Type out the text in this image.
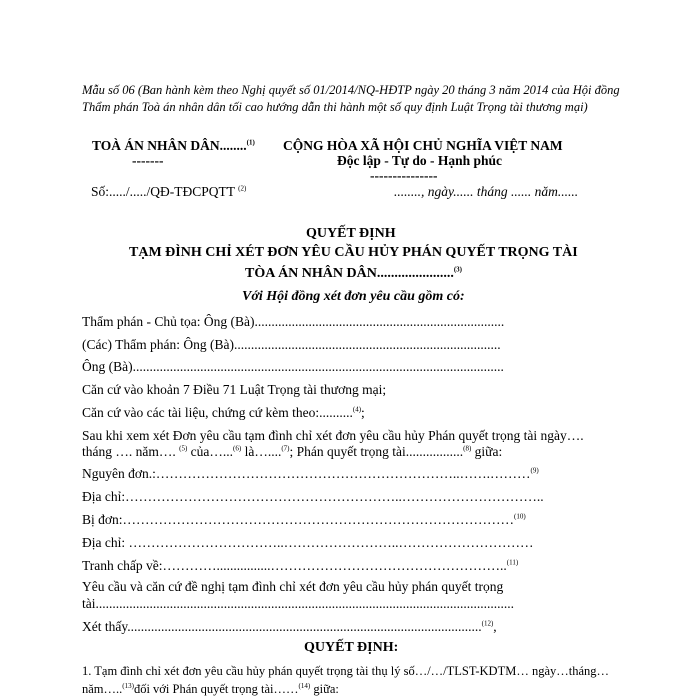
Mẫu số 06 (Ban hành kèm theo Nghị quyết số 01/2014/NQ-HĐTP ngày 20 tháng 3 năm 2014 của Hội đồng Thẩm phán Toà án nhân dân tối cao hướng dẫn thi hành một số quy định Luật Trọng tài thương mại)
TOÀ ÁN NHÂN DÂN........$^{(1)}$
-------
Số:...../...../QĐ-TĐCPQTT $^{(2)}$
CỘNG HÒA XÃ HỘI CHỦ NGHĨA VIỆT NAM
Độc lập - Tự do - Hạnh phúc
---------------
........, ngày...... tháng ...... năm......
QUYẾT ĐỊNH
TẠM ĐÌNH CHỈ XÉT ĐƠN YÊU CẦU HỦY PHÁN QUYẾT TRỌNG TÀI
TÒA ÁN NHÂN DÂN......................$^{(3)}$
Với Hội đồng xét đơn yêu cầu gồm có:
Thẩm phán - Chủ tọa: Ông (Bà)..........................................................................
(Các) Thẩm phán: Ông (Bà)...............................................................................
Ông (Bà)..............................................................................................................
Căn cứ vào khoản 7 Điều 71 Luật Trọng tài thương mại;
Căn cứ vào các tài liệu, chứng cứ kèm theo:..........$^{(4)}$;
Sau khi xem xét Đơn yêu cầu tạm đình chỉ xét đơn yêu cầu hủy Phán quyết trọng tài ngày….
tháng …. năm…. $^{(5)}$ của…...$^{(6)}$ là…....$^{(7)}$; Phán quyết trọng tài.................$^{(8)}$ giữa:
Nguyên đơn.:…………………………………………………………..…….………$^{(9)}$
Địa chỉ:……………………………………………………..…………………………..
Bị đơn:……………………………………………………………………………$^{(10)}$
Địa chỉ: ……………………………..……………………..…………………………
Tranh chấp về:…………................……………………………………………..$^{(11)}$
Yêu cầu và căn cứ đề nghị tạm đình chỉ xét đơn yêu cầu hủy phán quyết trọng
tài............................................................................................................................
Xét thấy.........................................................................................................$^{(12)}$,
QUYẾT ĐỊNH:
1. Tạm đình chỉ xét đơn yêu cầu hủy phán quyết trọng tài thụ lý số…/…/TLST-KDTM… ngày…tháng…
năm…..$^{(13)}$đối với Phán quyết trọng tài……$^{(14)}$ giữa:
